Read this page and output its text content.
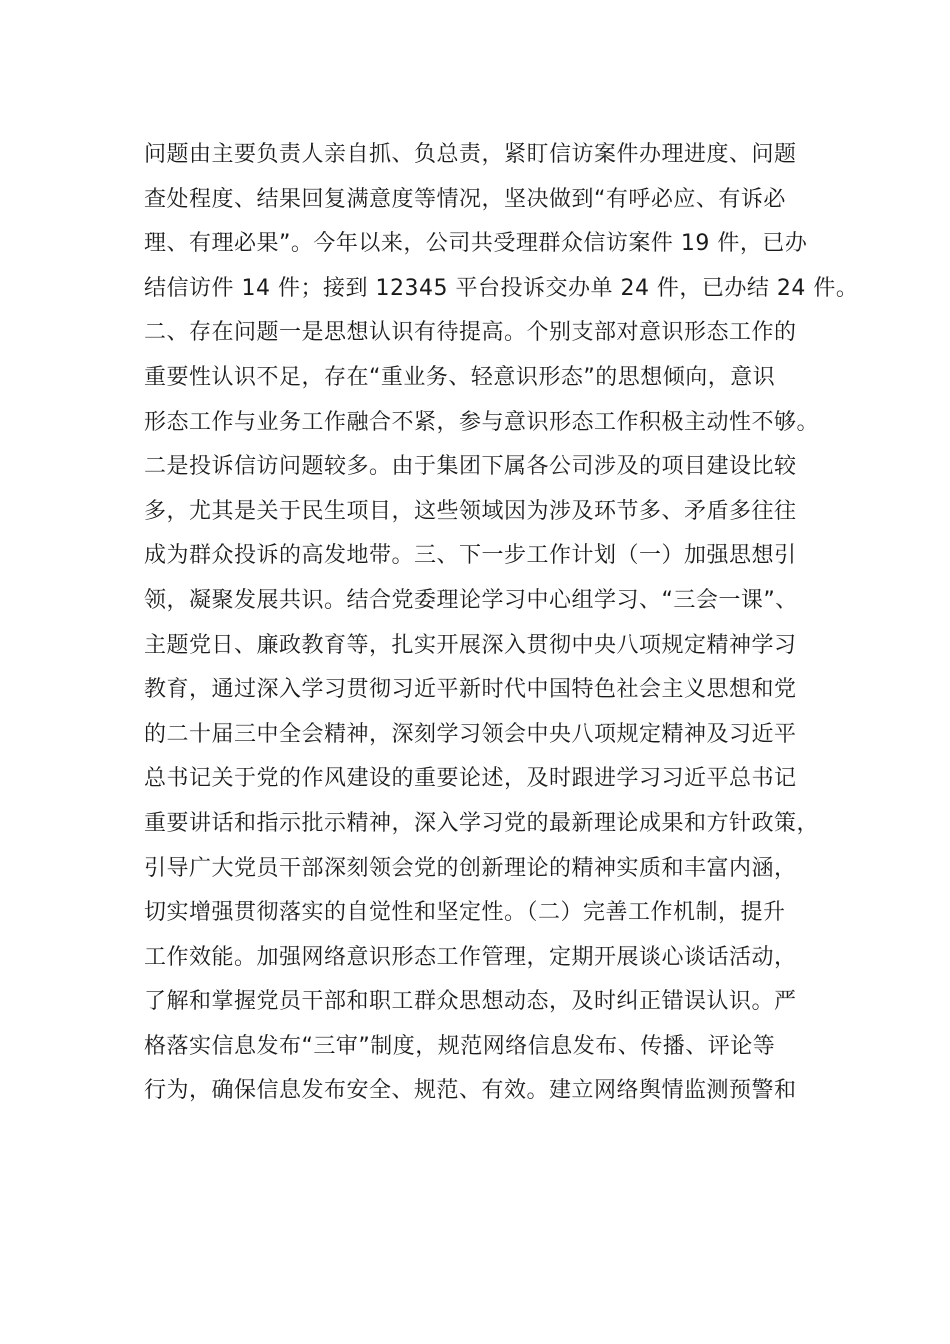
问题由主要负责人亲自抓、负总责，紧盯信访案件办理进度、问题
查处程度、结果回复满意度等情况，坚决做到“有呼必应、有诉必
理、有理必果”。今年以来，公司共受理群众信访案件 19 件，已办
结信访件 14 件；接到 12345 平台投诉交办单 24 件，已办结 24 件。
二、存在问题一是思想认识有待提高。个别支部对意识形态工作的
重要性认识不足，存在“重业务、轻意识形态”的思想倾向，意识
形态工作与业务工作融合不紧，参与意识形态工作积极主动性不够。
二是投诉信访问题较多。由于集团下属各公司涉及的项目建设比较
多，尤其是关于民生项目，这些领域因为涉及环节多、矛盾多往往
成为群众投诉的高发地带。三、下一步工作计划（一）加强思想引
领，凝聚发展共识。结合党委理论学习中心组学习、“三会一课”、
主题党日、廉政教育等，扎实开展深入贯彻中央八项规定精神学习
教育，通过深入学习贯彻习近平新时代中国特色社会主义思想和党
的二十届三中全会精神，深刻学习领会中央八项规定精神及习近平
总书记关于党的作风建设的重要论述，及时跟进学习习近平总书记
重要讲话和指示批示精神，深入学习党的最新理论成果和方针政策，
引导广大党员干部深刻领会党的创新理论的精神实质和丰富内涵，
切实增强贯彻落实的自觉性和坚定性。（二）完善工作机制，提升
工作效能。加强网络意识形态工作管理，定期开展谈心谈话活动，
了解和掌握党员干部和职工群众思想动态，及时纠正错误认识。严
格落实信息发布“三审”制度，规范网络信息发布、传播、评论等
行为，确保信息发布安全、规范、有效。建立网络舆情监测预警和
